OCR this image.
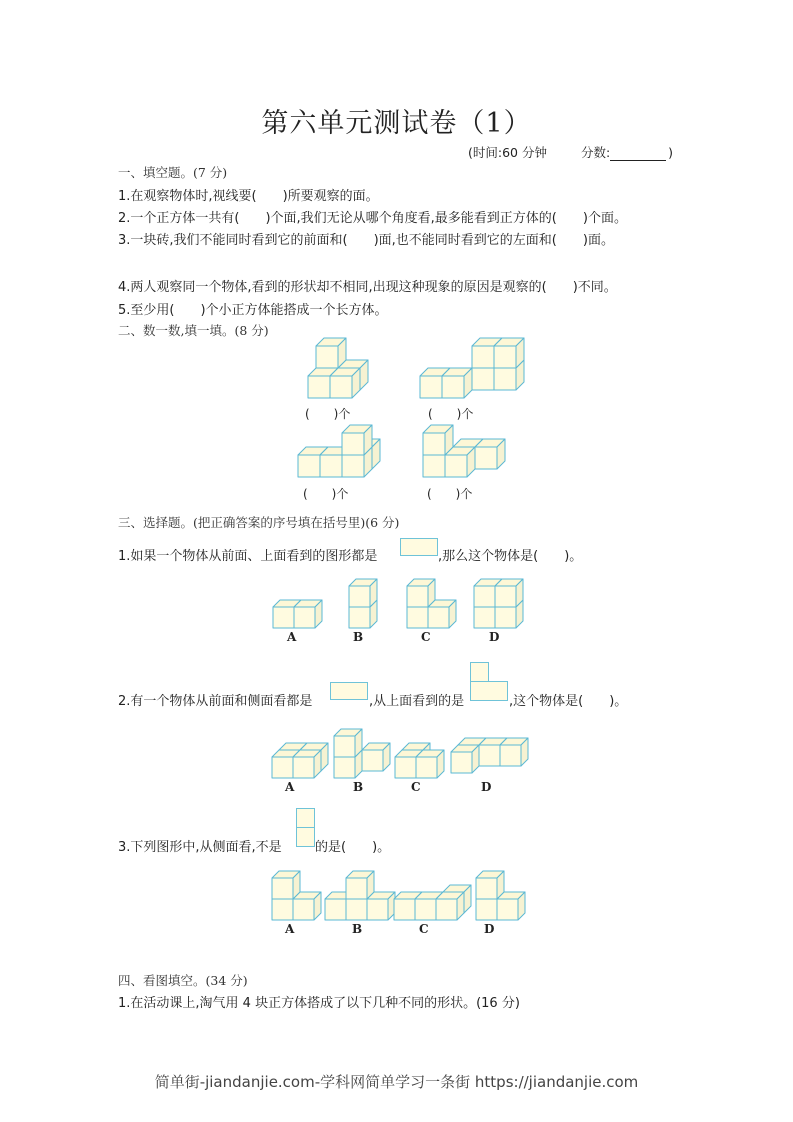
第六单元测试卷（1）
(时间:60 分钟	分数:	)
一、填空题。(7 分)
1.在观察物体时,视线要(　　)所要观察的面。
2.一个正方体一共有(　　)个面,我们无论从哪个角度看,最多能看到正方体的(　　)个面。
3.一块砖,我们不能同时看到它的前面和(　　)面,也不能同时看到它的左面和(　　)面。
4.两人观察同一个物体,看到的形状却不相同,出现这种现象的原因是观察的(　　)不同。
5.至少用(　　)个小正方体能搭成一个长方体。
二、数一数,填一填。(8 分)
(　　)个	(　　)个
(　　)个	(　　)个
三、选择题。(把正确答案的序号填在括号里)(6 分)
1.如果一个物体从前面、上面看到的图形都是	,那么这个物体是(　　)。
A	B	C	D
2.有一个物体从前面和侧面看都是	,从上面看到的是	,这个物体是(　　)。
A	B	C	D
3.下列图形中,从侧面看,不是	的是(　　)。
A	B	C	D
四、看图填空。(34 分)
1.在活动课上,淘气用 4 块正方体搭成了以下几种不同的形状。(16 分)
简单街-jiandanjie.com-学科网简单学习一条街 https://jiandanjie.com
